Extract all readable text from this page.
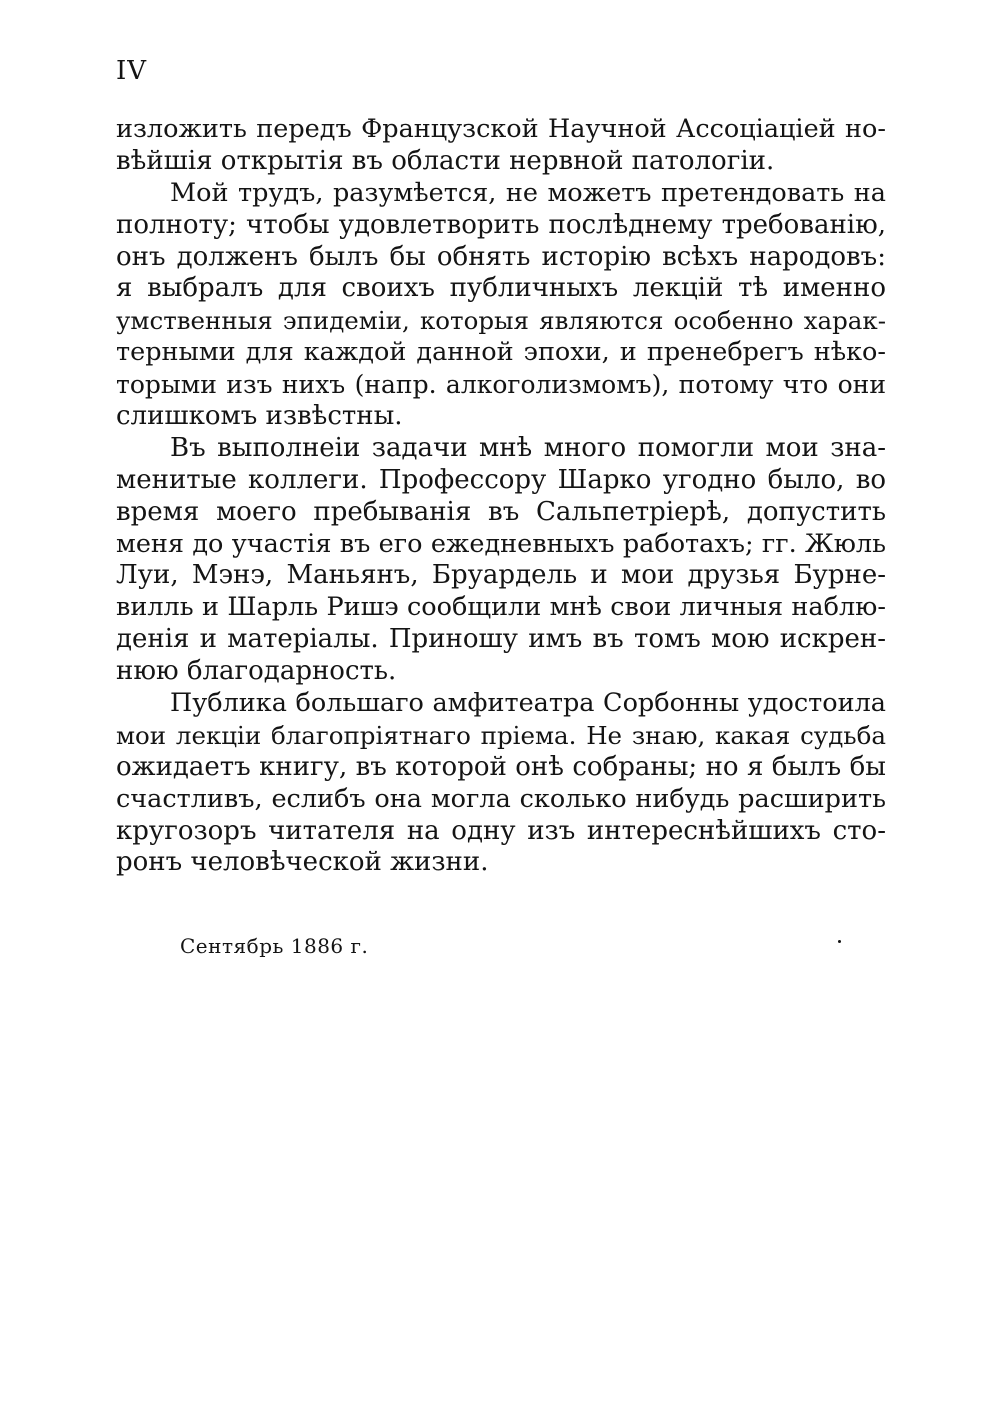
IV
изложить передъ Французской Научной Ассоціаціей но-
вѣйшія открытія въ области нервной патологіи.
Мой трудъ, разумѣется, не можетъ претендовать на
полноту; чтобы удовлетворить послѣднему требованію,
онъ долженъ былъ бы обнять исторію всѣхъ народовъ:
я выбралъ для своихъ публичныхъ лекцій тѣ именно
умственныя эпидеміи, которыя являются особенно харак-
терными для каждой данной эпохи, и пренебрегъ нѣко-
торыми изъ нихъ (напр. алкоголизмомъ), потому что они
слишкомъ извѣстны.
Въ выполнеіи задачи мнѣ много помогли мои зна-
менитые коллеги. Профессору Шарко угодно было, во
время моего пребыванія въ Сальпетріерѣ, допустить
меня до участія въ его ежедневныхъ работахъ; гг. Жюль
Луи, Мэнэ, Маньянъ, Бруардель и мои друзья Бурне-
вилль и Шарль Ришэ сообщили мнѣ свои личныя наблю-
денія и матеріалы. Приношу имъ въ томъ мою искрен-
нюю благодарность.
Публика большаго амфитеатра Сорбонны удостоила
мои лекціи благопріятнаго пріема. Не знаю, какая судьба
ожидаетъ книгу, въ которой онѣ собраны; но я былъ бы
счастливъ, еслибъ она могла сколько нибудь расширить
кругозоръ читателя на одну изъ интереснѣйшихъ сто-
ронъ человѣческой жизни.
Сентябрь 1886 г.
